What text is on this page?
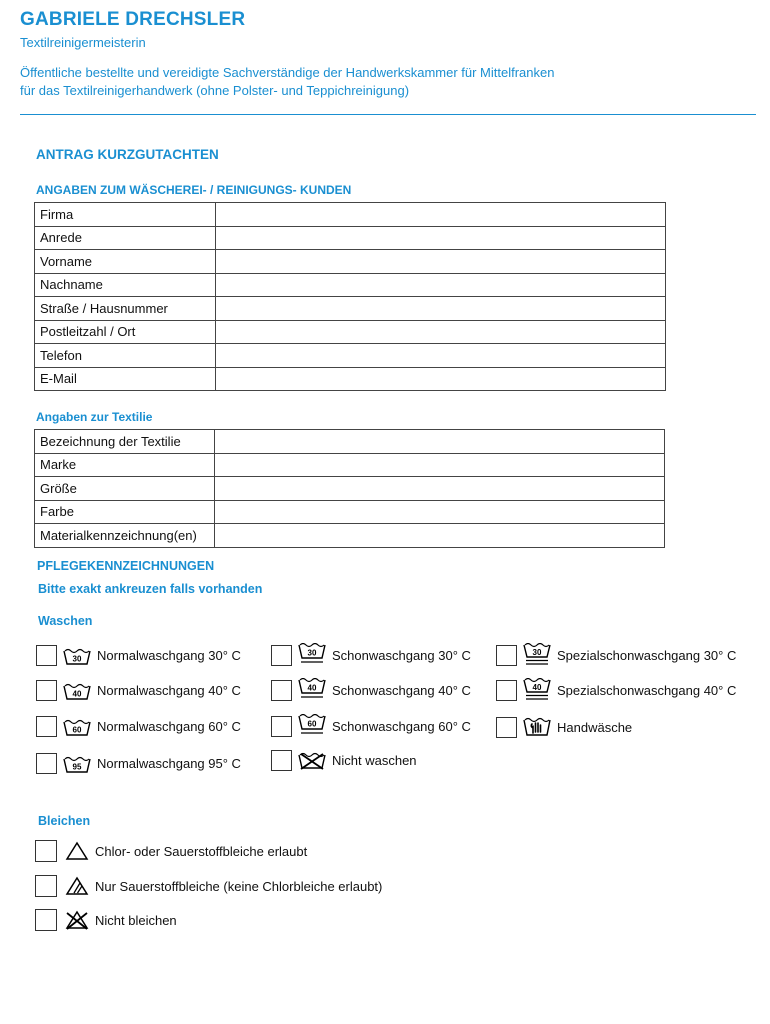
GABRIELE DRECHSLER
Textilreinigermeisterin
Öffentliche bestellte und vereidigte Sachverständige der Handwerkskammer für Mittelfranken
für das Textilreinigerhandwerk (ohne Polster- und Teppichreinigung)
ANTRAG KURZGUTACHTEN
ANGABEN ZUM WÄSCHEREI- / REINIGUNGS- KUNDEN
Firma	
Anrede	
Vorname	
Nachname	
Straße / Hausnummer	
Postleitzahl / Ort	
Telefon	
E-Mail	
Angaben zur Textilie
Bezeichnung der Textilie	
Marke	
Größe	
Farbe	
Materialkennzeichnung(en)	
PFLEGEKENNZEICHNUNGEN
Bitte exakt ankreuzen falls vorhanden
Waschen
30 Normalwaschgang 30° C	30 Schonwaschgang 30° C	30 Spezialschonwaschgang 30° C
40 Normalwaschgang 40° C	40 Schonwaschgang 40° C	40 Spezialschonwaschgang 40° C
60 Normalwaschgang 60° C	60 Schonwaschgang 60° C	Handwäsche
95 Normalwaschgang 95° C	Nicht waschen
Bleichen
Chlor- oder Sauerstoffbleiche erlaubt
Nur Sauerstoffbleiche (keine Chlorbleiche erlaubt)
Nicht bleichen
